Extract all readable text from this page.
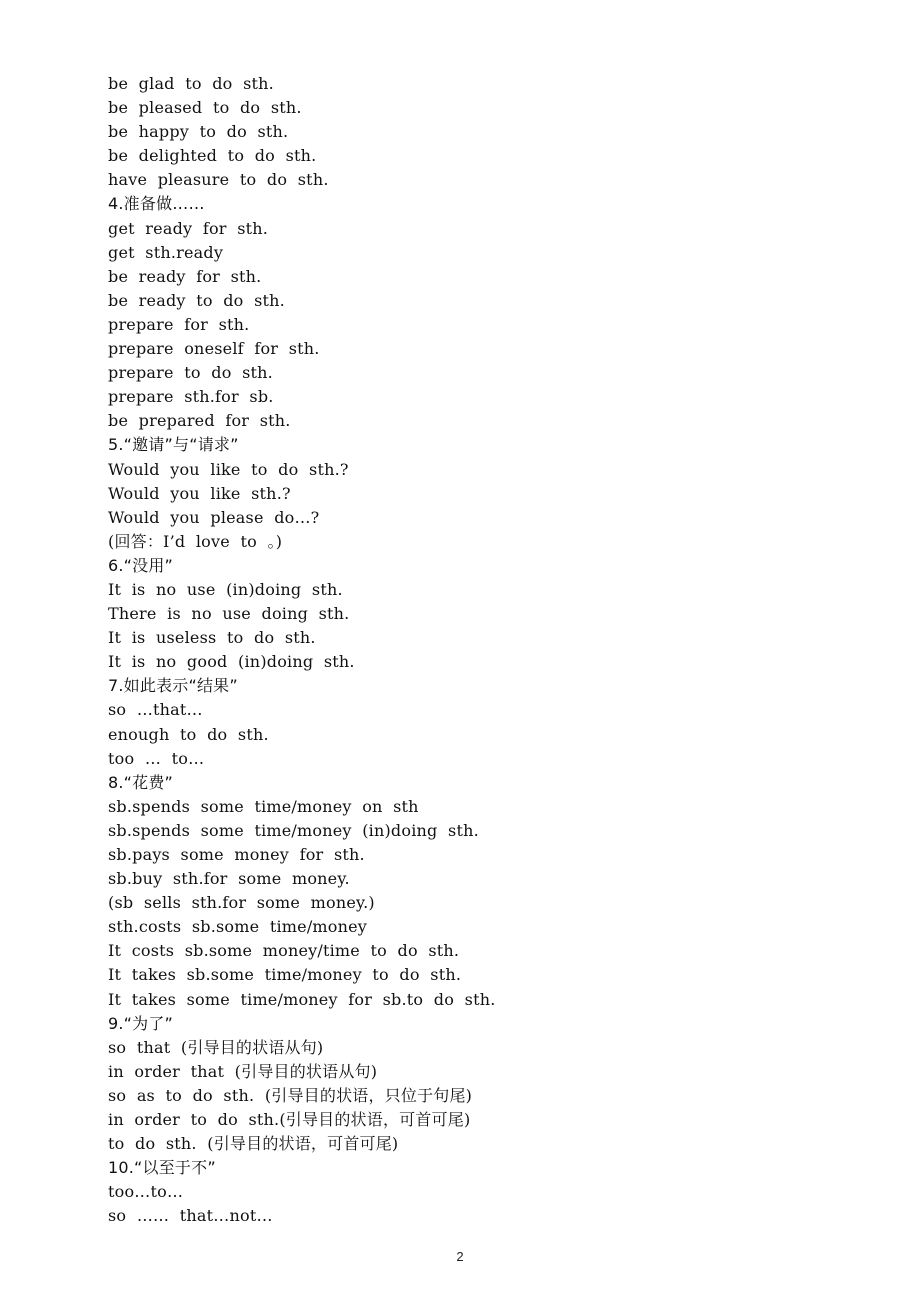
be  glad  to  do  sth.
be  pleased  to  do  sth.
be  happy  to  do  sth.
be  delighted  to  do  sth.
have  pleasure  to  do  sth.
4.准备做……
get  ready  for  sth.
get  sth.ready
be  ready  for  sth.
be  ready  to  do  sth.
prepare  for  sth.
prepare  oneself  for  sth.
prepare  to  do  sth.
prepare  sth.for  sb.
be  prepared  for  sth.
5.“邀请”与“请求”
Would  you  like  to  do  sth.?
Would  you  like  sth.?
Would  you  please  do…?
(回答：I’d  love  to  。)
6.“没用”
It  is  no  use  (in)doing  sth.
There  is  no  use  doing  sth.
It  is  useless  to  do  sth.
It  is  no  good  (in)doing  sth.
7.如此表示“结果”
so  …that…
enough  to  do  sth.
too  …  to…
8.“花费”
sb.spends  some  time/money  on  sth
sb.spends  some  time/money  (in)doing  sth.
sb.pays  some  money  for  sth.
sb.buy  sth.for  some  money.
(sb  sells  sth.for  some  money.)
sth.costs  sb.some  time/money
It  costs  sb.some  money/time  to  do  sth.
It  takes  sb.some  time/money  to  do  sth.
It  takes  some  time/money  for  sb.to  do  sth.
9.“为了”
so  that  (引导目的状语从句)
in  order  that  (引导目的状语从句)
so  as  to  do  sth.  (引导目的状语，只位于句尾)
in  order  to  do  sth.(引导目的状语，可首可尾)
to  do  sth.  (引导目的状语，可首可尾)
10.“以至于不”
too…to…
so  ……  that…not…
2
